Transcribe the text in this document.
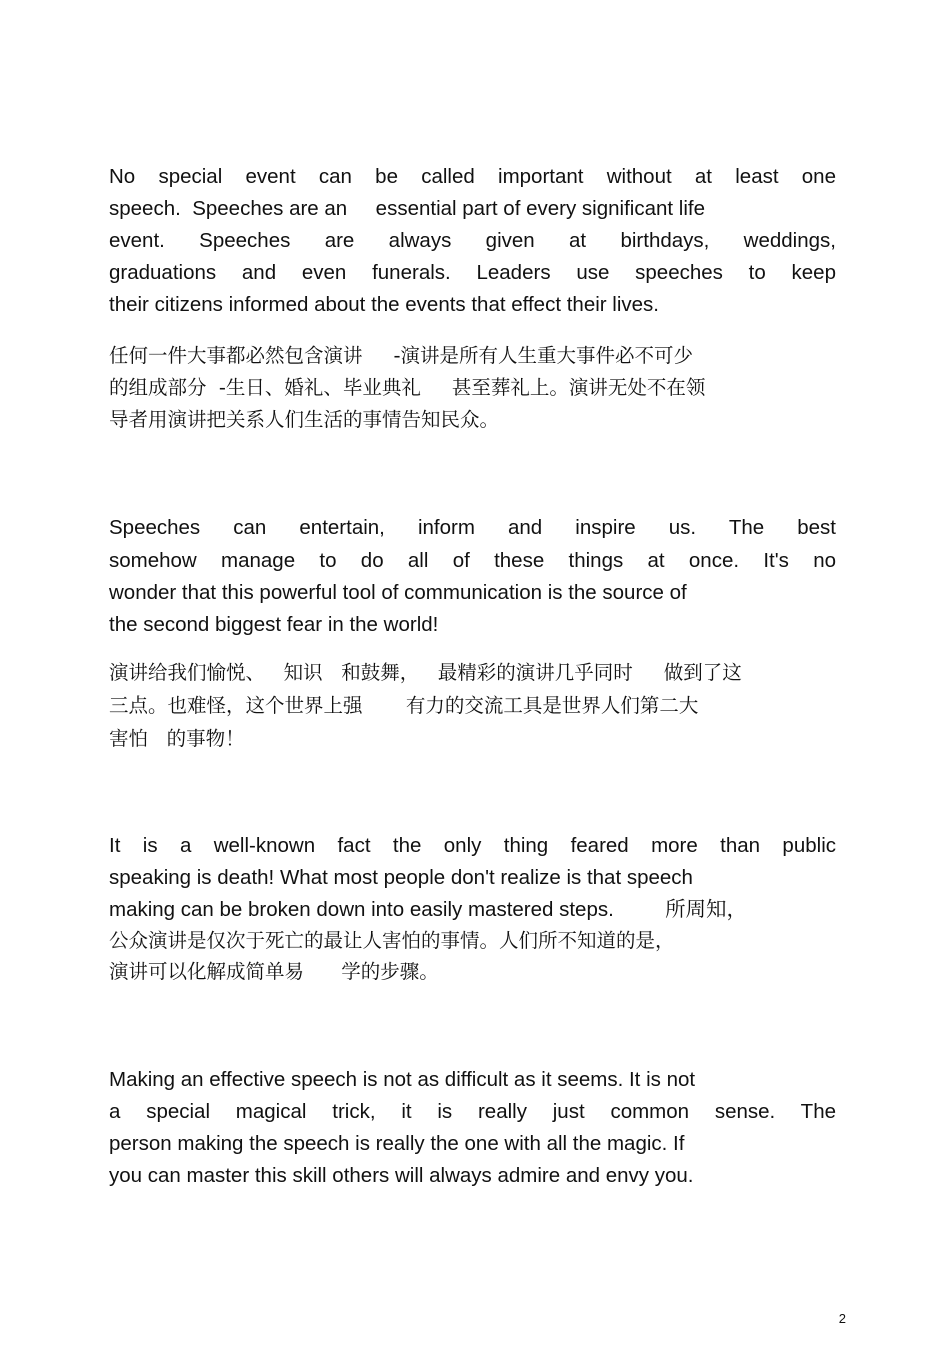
No special event can be called important without at least one
speech.  Speeches are an     essential part of every significant life
event. Speeches are always given at birthdays, weddings,
graduations and even funerals. Leaders use speeches to keep
their citizens informed about the events that effect their lives.
任何一件大事都必然包含演讲     -演讲是所有人生重大事件必不可少
的组成部分  -生日、婚礼、毕业典礼     甚至葬礼上。演讲无处不在领
导者用演讲把关系人们生活的事情告知民众。
Speeches can entertain, inform and inspire us. The best
somehow manage to do all of these things at once. It's no
wonder that this powerful tool of communication is the source of
the second biggest fear in the world!
演讲给我们愉悦、   知识   和鼓舞，   最精彩的演讲几乎同时     做到了这
三点。也难怪，这个世界上强       有力的交流工具是世界人们第二大
害怕   的事物！
It is a well-known fact the only thing feared more than public
speaking is death! What most people don't realize is that speech
making can be broken down into easily mastered steps.         所周知，
公众演讲是仅次于死亡的最让人害怕的事情。人们所不知道的是，
演讲可以化解成简单易      学的步骤。
Making an effective speech is not as difficult as it seems. It is not
a special magical trick, it is really just common sense. The
person making the speech is really the one with all the magic. If
you can master this skill others will always admire and envy you.
2
